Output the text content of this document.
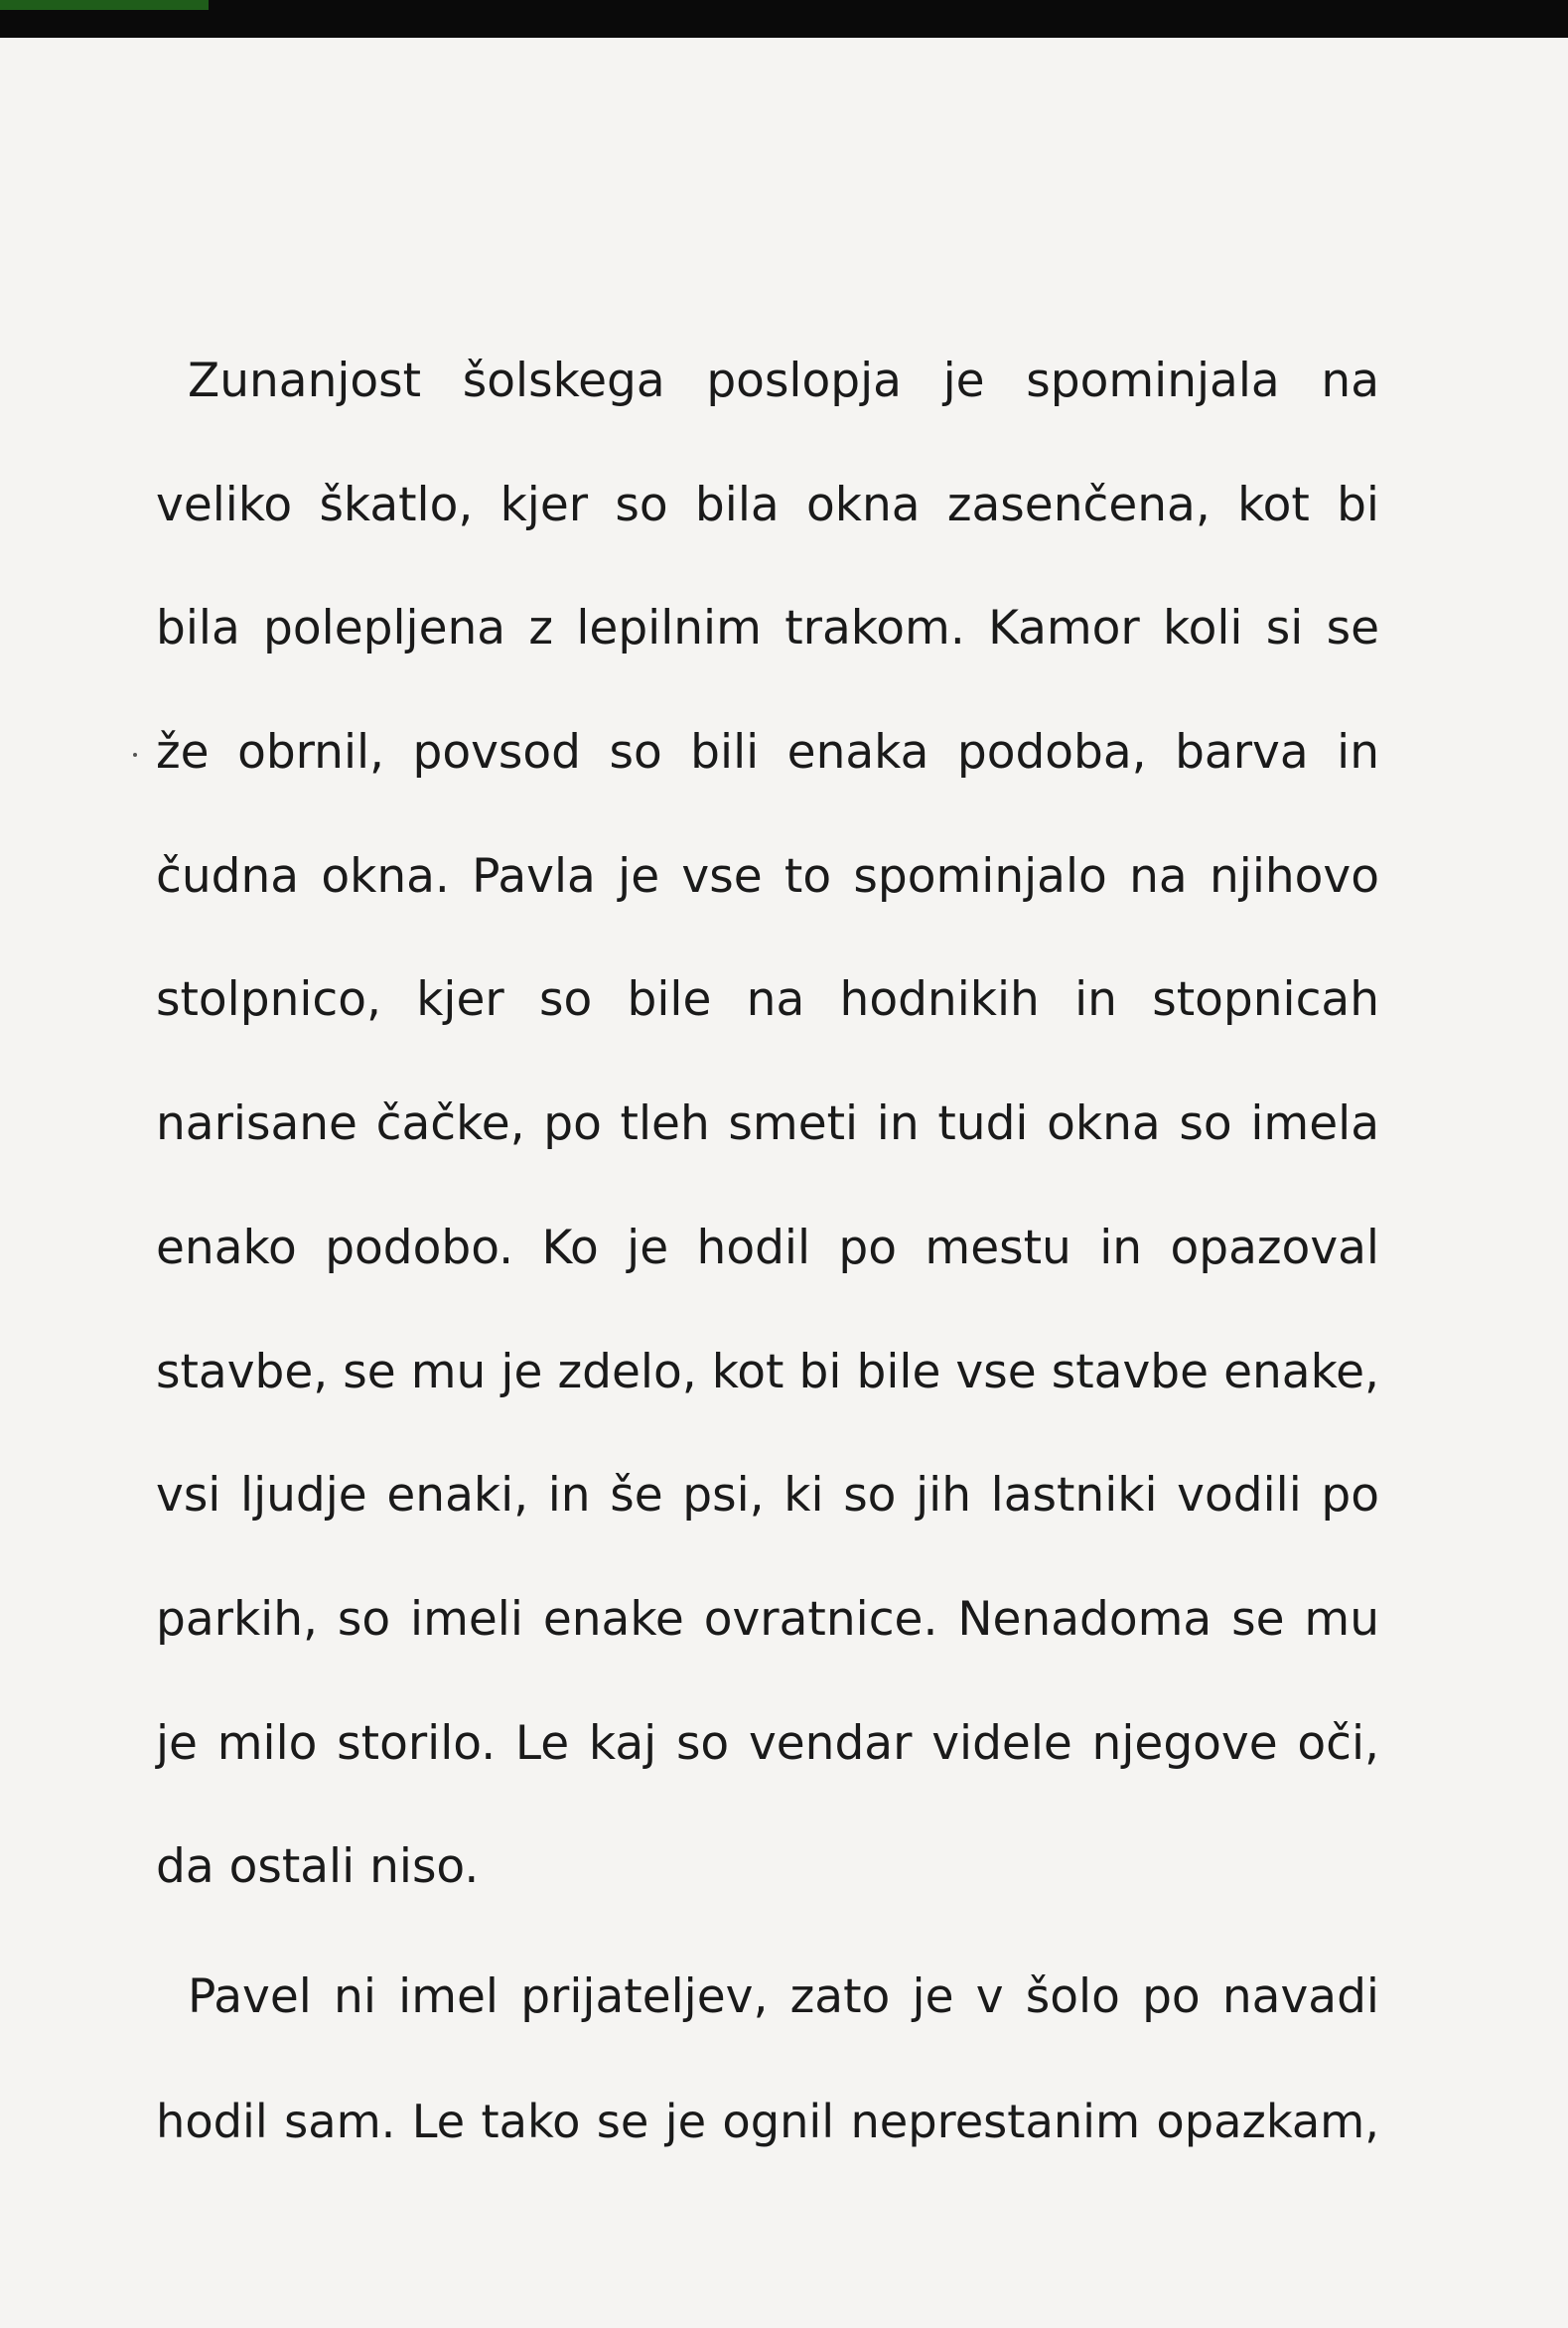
Zunanjost šolskega poslopja je spominjala na
veliko škatlo, kjer so bila okna zasenčena, kot bi
bila polepljena z lepilnim trakom. Kamor koli si se
že obrnil, povsod so bili enaka podoba, barva in
čudna okna. Pavla je vse to spominjalo na njihovo
stolpnico, kjer so bile na hodnikih in stopnicah
narisane čačke, po tleh smeti in tudi okna so imela
enako podobo. Ko je hodil po mestu in opazoval
stavbe, se mu je zdelo, kot bi bile vse stavbe enake,
vsi ljudje enaki, in še psi, ki so jih lastniki vodili po
parkih, so imeli enake ovratnice. Nenadoma se mu
je milo storilo. Le kaj so vendar videle njegove oči,
da ostali niso.
Pavel ni imel prijateljev, zato je v šolo po navadi
hodil sam. Le tako se je ognil neprestanim opazkam,
